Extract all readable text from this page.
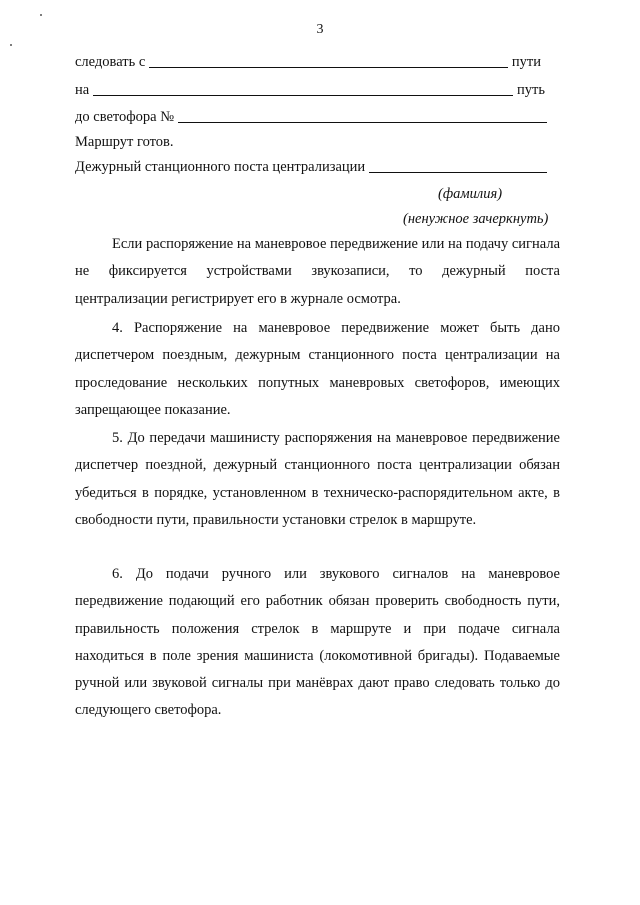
3
следовать с	пути
на	путь
до светофора №
Маршрут готов.
Дежурный станционного поста централизации
(фамилия)
(ненужное зачеркнуть)

Если распоряжение на маневровое передвижение или на подачу сигнала не фиксируется устройствами звукозаписи, то дежурный поста централизации регистрирует его в журнале осмотра.

4. Распоряжение на маневровое передвижение может быть дано диспетчером поездным, дежурным станционного поста централизации на проследование нескольких попутных маневровых светофоров, имеющих запрещающее показание.

5. До передачи машинисту распоряжения на маневровое передвижение диспетчер поездной, дежурный станционного поста централизации обязан убедиться в порядке, установленном в техническо-распорядительном акте, в свободности пути, правильности установки стрелок в маршруте.

6. До подачи ручного или звукового сигналов на маневровое передвижение подающий его работник обязан проверить свободность пути, правильность положения стрелок в маршруте и при подаче сигнала находиться в поле зрения машиниста (локомотивной бригады). Подаваемые ручной или звуковой сигналы при манёврах дают право следовать только до следующего светофора.
